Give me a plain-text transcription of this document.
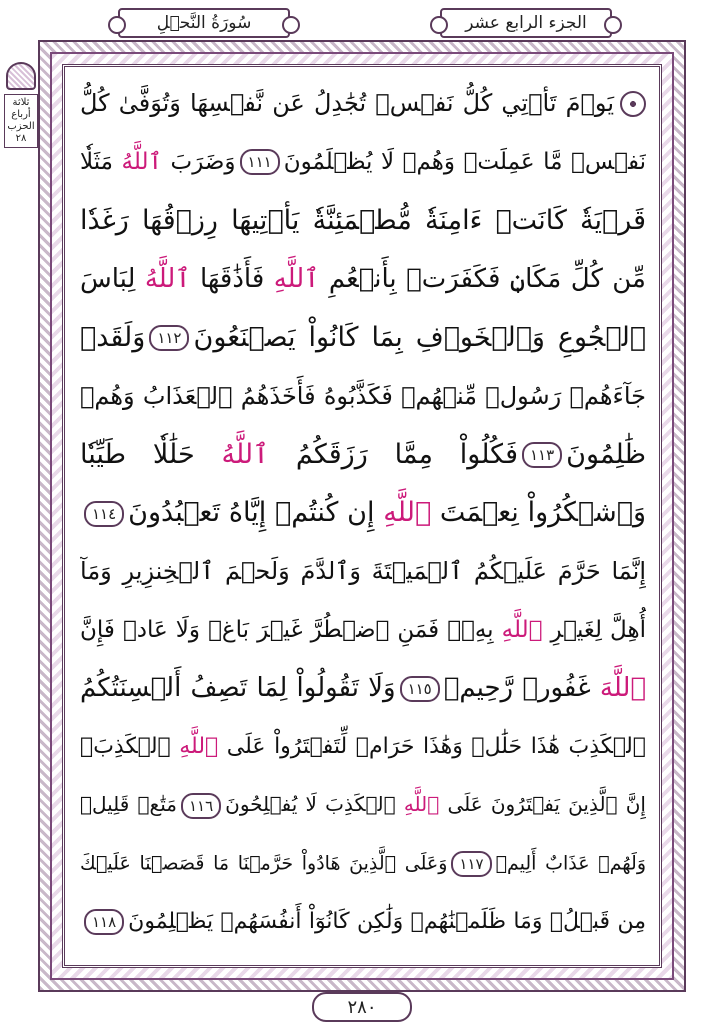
سُورَةُ النَّحۡلِ	الجزء الرابع عشر
ثلاثة أرباع الحزب ٢٨
يَوۡمَ تَأۡتِي كُلُّ نَفۡسٖ تُجَٰدِلُ عَن نَّفۡسِهَا وَتُوَفَّىٰ كُلُّ
نَفۡسٖ مَّا عَمِلَتۡ وَهُمۡ لَا يُظۡلَمُونَ١١١وَضَرَبَ ٱللَّهُ مَثَلٗا
قَرۡيَةٗ كَانَتۡ ءَامِنَةٗ مُّطۡمَئِنَّةٗ يَأۡتِيهَا رِزۡقُهَا رَغَدٗا
مِّن كُلِّ مَكَانٖ فَكَفَرَتۡ بِأَنۡعُمِ ٱللَّهِ فَأَذَٰقَهَا ٱللَّهُ لِبَاسَ
ٱلۡجُوعِ وَٱلۡخَوۡفِ بِمَا كَانُواْ يَصۡنَعُونَ١١٢وَلَقَدۡ
جَآءَهُمۡ رَسُولٞ مِّنۡهُمۡ فَكَذَّبُوهُ فَأَخَذَهُمُ ٱلۡعَذَابُ وَهُمۡ
ظَٰلِمُونَ١١٣فَكُلُواْ مِمَّا رَزَقَكُمُ ٱللَّهُ حَلَٰلٗا طَيِّبٗا
وَٱشۡكُرُواْ نِعۡمَتَ ٱللَّهِ إِن كُنتُمۡ إِيَّاهُ تَعۡبُدُونَ١١٤
إِنَّمَا حَرَّمَ عَلَيۡكُمُ ٱلۡمَيۡتَةَ وَٱلدَّمَ وَلَحۡمَ ٱلۡخِنزِيرِ وَمَآ
أُهِلَّ لِغَيۡرِ ٱللَّهِ بِهِۦۖ فَمَنِ ٱضۡطُرَّ غَيۡرَ بَاغٖ وَلَا عَادٖ فَإِنَّ
ٱللَّهَ غَفُورٞ رَّحِيمٞ١١٥وَلَا تَقُولُواْ لِمَا تَصِفُ أَلۡسِنَتُكُمُ
ٱلۡكَذِبَ هَٰذَا حَلَٰلٞ وَهَٰذَا حَرَامٞ لِّتَفۡتَرُواْ عَلَى ٱللَّهِ ٱلۡكَذِبَۚ
إِنَّ ٱلَّذِينَ يَفۡتَرُونَ عَلَى ٱللَّهِ ٱلۡكَذِبَ لَا يُفۡلِحُونَ١١٦مَتَٰعٞ قَلِيلٞ
وَلَهُمۡ عَذَابٌ أَلِيمٞ١١٧وَعَلَى ٱلَّذِينَ هَادُواْ حَرَّمۡنَا مَا قَصَصۡنَا عَلَيۡكَ
مِن قَبۡلُۖ وَمَا ظَلَمۡنَٰهُمۡ وَلَٰكِن كَانُوٓاْ أَنفُسَهُمۡ يَظۡلِمُونَ١١٨
٢٨٠
